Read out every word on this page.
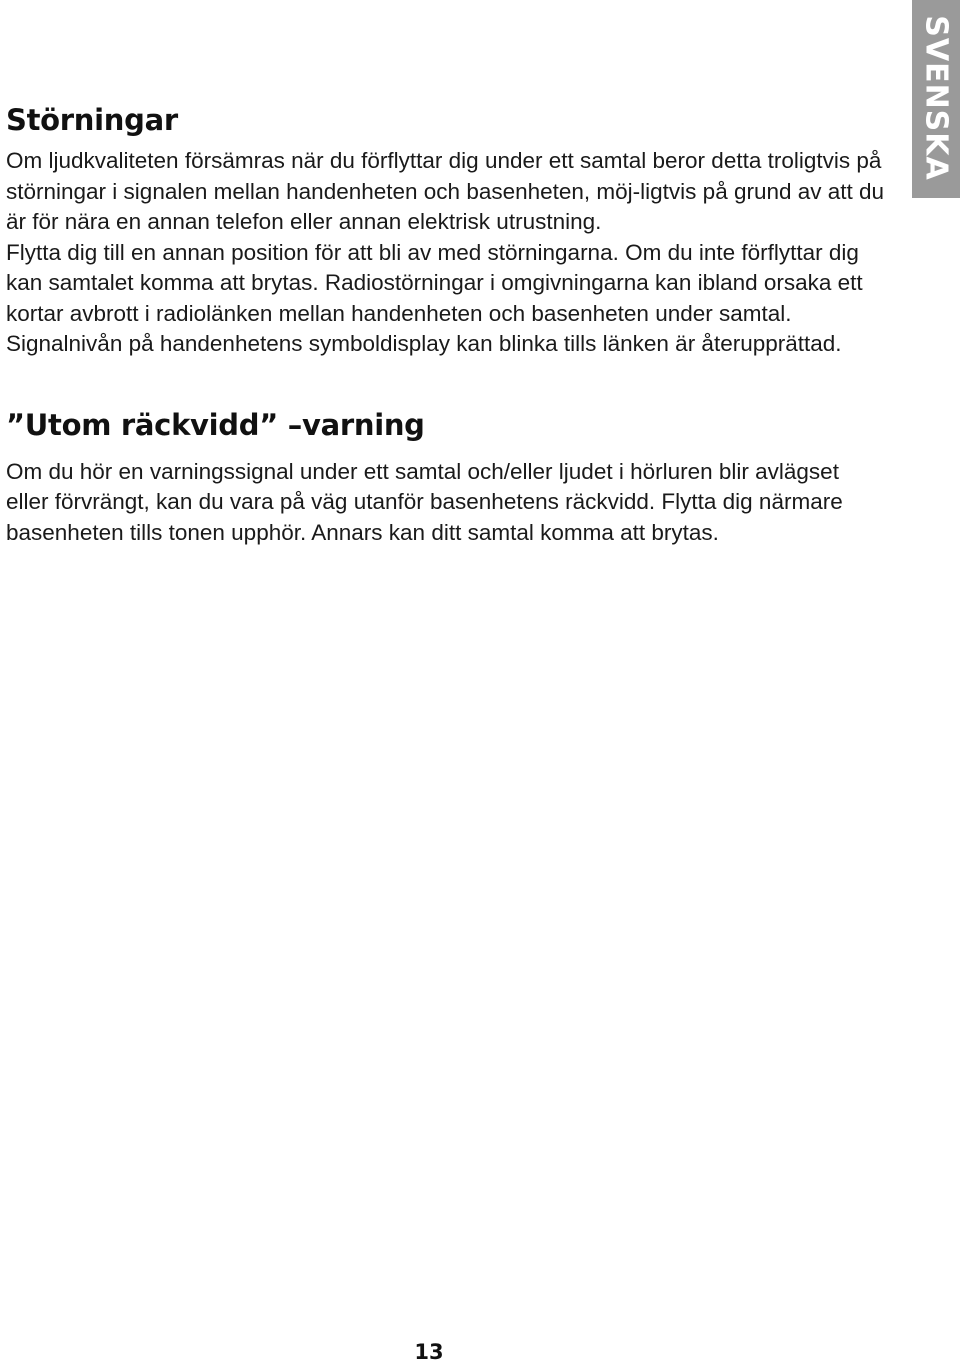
SVENSKA
Störningar

Om ljudkvaliteten försämras när du förflyttar dig under ett samtal beror detta troligtvis på störningar i signalen mellan handenheten och basenheten, möj-ligtvis på grund av att du är för nära en annan telefon eller annan elektrisk utrustning.

Flytta dig till en annan position för att bli av med störningarna. Om du inte förflyttar dig kan samtalet komma att brytas. Radiostörningar i omgivningarna kan ibland orsaka ett kortar avbrott i radiolänken mellan handenheten och basenheten under samtal. Signalnivån på handenhetens symboldisplay kan blinka tills länken är återupprättad.

”Utom räckvidd” –varning

Om du hör en varningssignal under ett samtal och/eller ljudet i hörluren blir avlägset eller förvrängt, kan du vara på väg utanför basenhetens räckvidd. Flytta dig närmare basenheten tills tonen upphör. Annars kan ditt samtal komma att brytas.

13
